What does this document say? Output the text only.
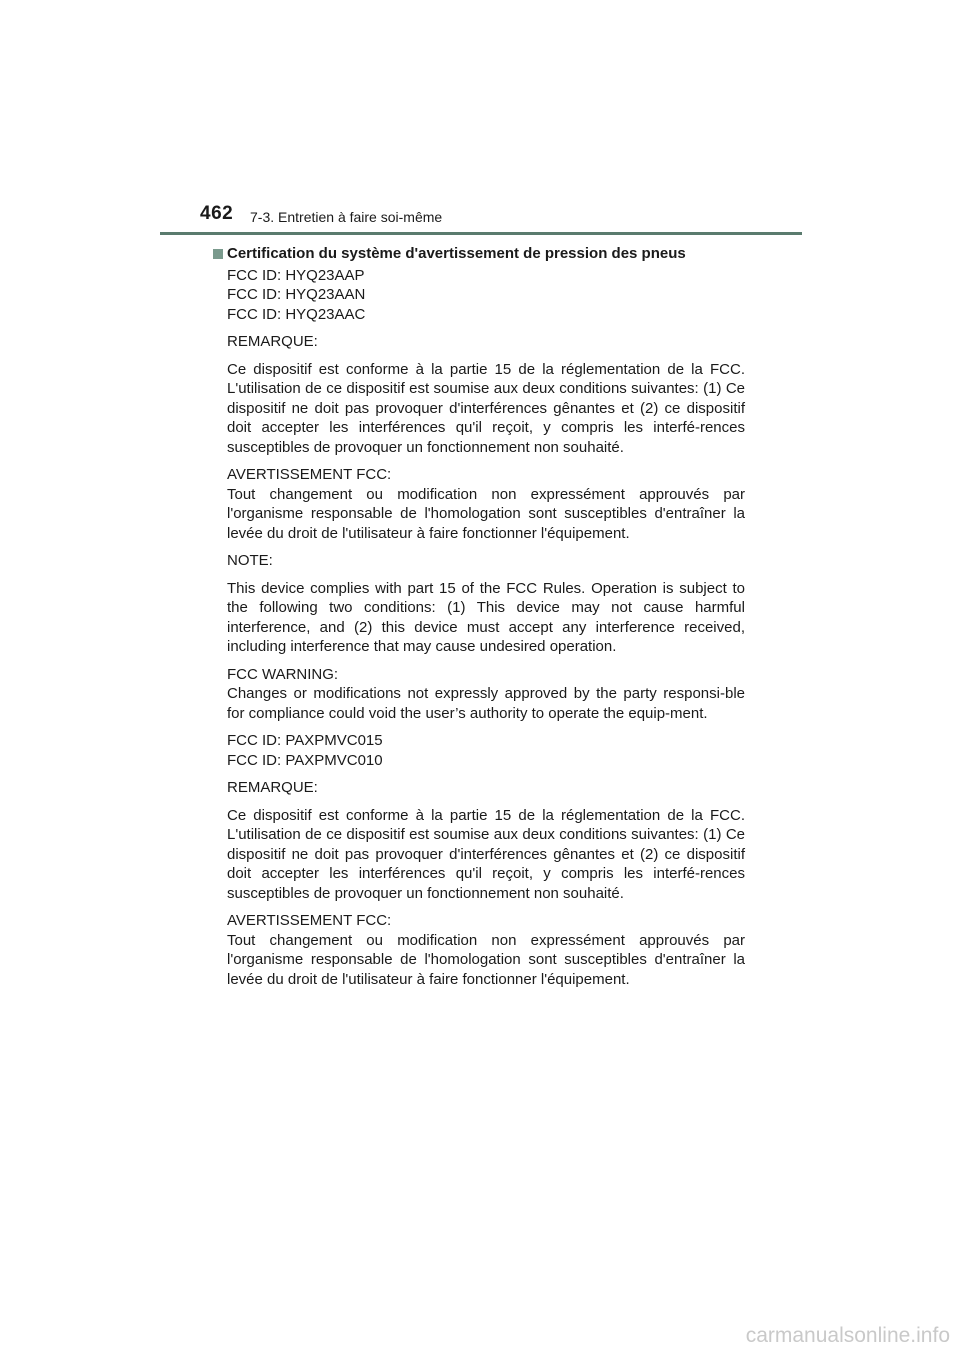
462 7-3. Entretien à faire soi-même
Certification du système d'avertissement de pression des pneus
FCC ID: HYQ23AAP
FCC ID: HYQ23AAN
FCC ID: HYQ23AAC
REMARQUE:
Ce dispositif est conforme à la partie 15 de la réglementation de la FCC. L'utilisation de ce dispositif est soumise aux deux conditions suivantes: (1) Ce dispositif ne doit pas provoquer d'interférences gênantes et (2) ce dispositif doit accepter les interférences qu'il reçoit, y compris les interfé-rences susceptibles de provoquer un fonctionnement non souhaité.
AVERTISSEMENT FCC:
Tout changement ou modification non expressément approuvés par l'organisme responsable de l'homologation sont susceptibles d'entraîner la levée du droit de l'utilisateur à faire fonctionner l'équipement.
NOTE:
This device complies with part 15 of the FCC Rules. Operation is subject to the following two conditions: (1) This device may not cause harmful interference, and (2) this device must accept any interference received, including interference that may cause undesired operation.
FCC WARNING:
Changes or modifications not expressly approved by the party responsi-ble for compliance could void the user’s authority to operate the equip-ment.
FCC ID: PAXPMVC015
FCC ID: PAXPMVC010
REMARQUE:
Ce dispositif est conforme à la partie 15 de la réglementation de la FCC. L'utilisation de ce dispositif est soumise aux deux conditions suivantes: (1) Ce dispositif ne doit pas provoquer d'interférences gênantes et (2) ce dispositif doit accepter les interférences qu'il reçoit, y compris les interfé-rences susceptibles de provoquer un fonctionnement non souhaité.
AVERTISSEMENT FCC:
Tout changement ou modification non expressément approuvés par l'organisme responsable de l'homologation sont susceptibles d'entraîner la levée du droit de l'utilisateur à faire fonctionner l'équipement.
carmanualsonline.info
